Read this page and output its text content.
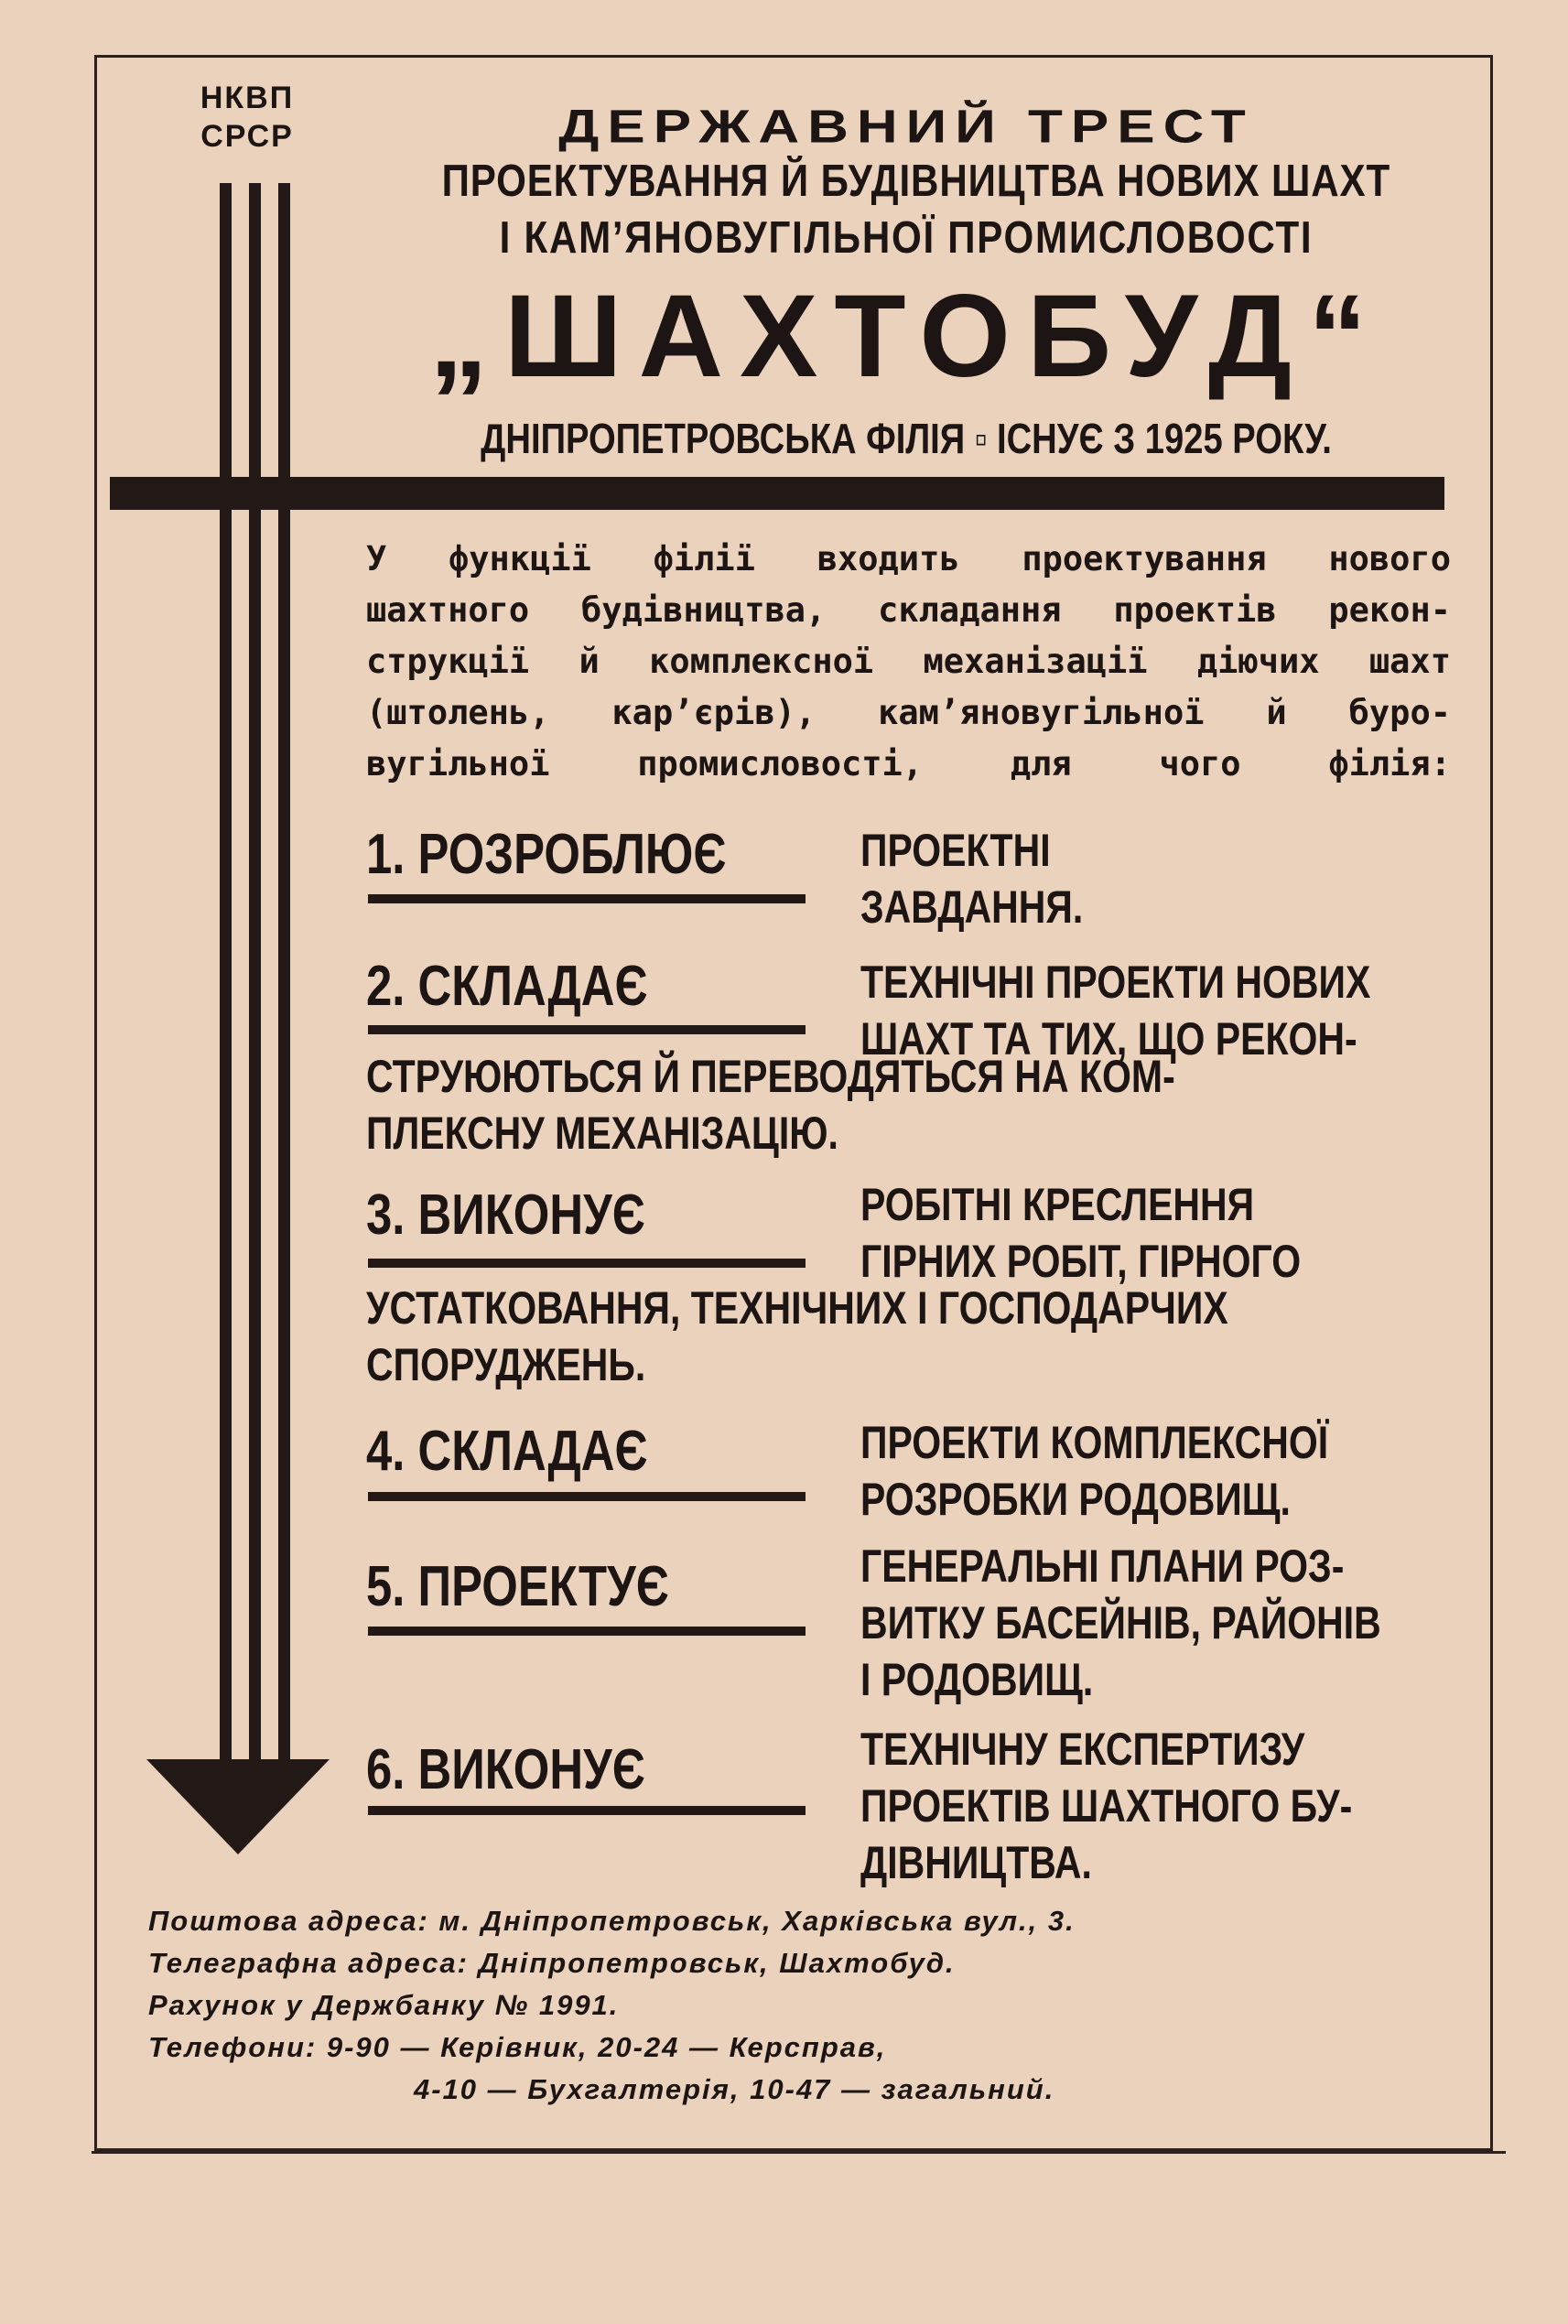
НКВП
СРСР	ДЕРЖАВНИЙ ТРЕСТ
ПРОЕКТУВАННЯ Й БУДІВНИЦТВА НОВИХ ШАХТ
І КАМ’ЯНОВУГІЛЬНОЇ ПРОМИСЛОВОСТІ
„ШАХТОБУД“
ДНІПРОПЕТРОВСЬКА ФІЛІЯ ▫ ІСНУЄ З 1925 РОКУ.
У функції філії входить проектування нового
шахтного будівництва, складання проектів рекон-
струкції й комплексної механізації діючих шахт
(штолень, кар’єрів), кам’яновугільної й буро-
вугільної промисловості, для чого філія:
1. РОЗРОБЛЮЄ	ПРОЕКТНІ
ЗАВДАННЯ.
2. СКЛАДАЄ	ТЕХНІЧНІ ПРОЕКТИ НОВИХ
ШАХТ ТА ТИХ, ЩО РЕКОН-
СТРУЮЮТЬСЯ Й ПЕРЕВОДЯТЬСЯ НА КОМ-
ПЛЕКСНУ МЕХАНІЗАЦІЮ.
3. ВИКОНУЄ	РОБІТНІ КРЕСЛЕННЯ
ГІРНИХ РОБІТ, ГІРНОГО
УСТАТКОВАННЯ, ТЕХНІЧНИХ І ГОСПОДАРЧИХ
СПОРУДЖЕНЬ.
4. СКЛАДАЄ	ПРОЕКТИ КОМПЛЕКСНОЇ
РОЗРОБКИ РОДОВИЩ.
5. ПРОЕКТУЄ	ГЕНЕРАЛЬНІ ПЛАНИ РОЗ-
ВИТКУ БАСЕЙНІВ, РАЙОНІВ
І РОДОВИЩ.
6. ВИКОНУЄ	ТЕХНІЧНУ ЕКСПЕРТИЗУ
ПРОЕКТІВ ШАХТНОГО БУ-
ДІВНИЦТВА.
Поштова адреса: м. Дніпропетровськ, Харківська вул., 3.
Телеграфна адреса: Дніпропетровськ, Шахтобуд.
Рахунок у Держбанку № 1991.
Телефони: 9-90 — Керівник, 20-24 — Керсправ,
4-10 — Бухгалтерія, 10-47 — загальний.
